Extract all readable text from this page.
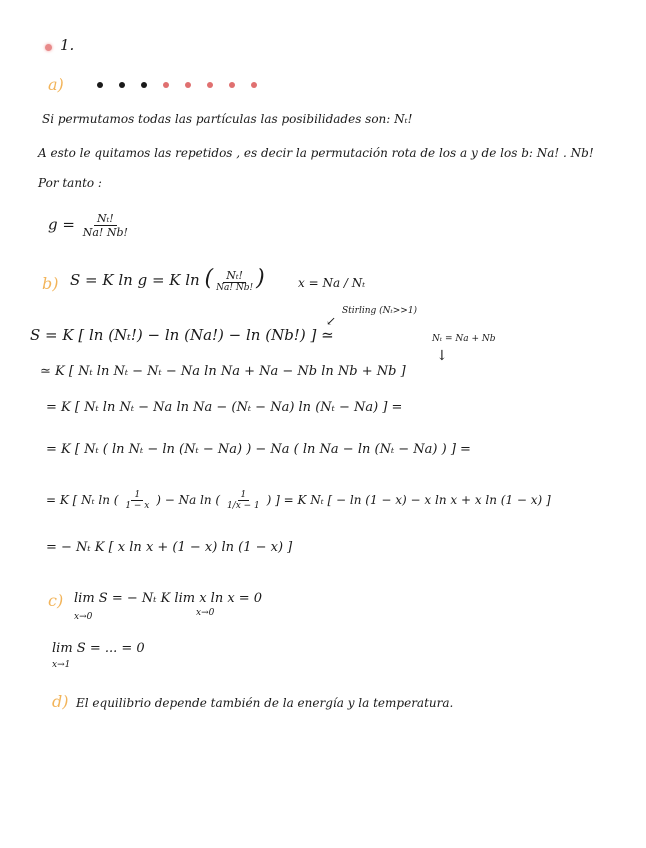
1.
a)
Si permutamos todas las partículas las posibilidades son: Nₜ!
A esto le quitamos las repetidos , es decir la permutación rota de los a y de los b: Na! . Nb!
Por tanto :
$g = \frac{\text{Nₜ!}}{Na! Nb!}$
b) S = K ln g = K ln ( $\frac{\text{Nₜ!}}{Na! Nb!}$ )	x = Na / Nₜ
Stirling (Nₜ>>1)
Nₜ = Na + Nb
↓
↙
S = K [ ln (Nₜ!) − ln (Na!) − ln (Nb!) ] ≃
≃ K [ Nₜ ln Nₜ − Nₜ − Na ln Na + Na − Nb ln Nb + Nb ]
= K [ Nₜ ln Nₜ − Na ln Na − (Nₜ − Na) ln (Nₜ − Na) ] =
= K [ Nₜ ( ln Nₜ − ln (Nₜ − Na) ) − Na ( ln Na − ln (Nₜ − Na) ) ] =
= K [ Nₜ ln ( $\frac{1}{1 - x}$ ) − Na ln ( $\frac{1}{1/x - 1}$ ) ] = K Nₜ [ − ln (1 − x) − x ln x + x ln (1 − x) ]
= − Nₜ K [ x ln x + (1 − x) ln (1 − x) ]
c) lim S = − Nₜ K lim x ln x = 0
x→0	x→0
lim S = ... = 0
x→1
d) El equilibrio depende también de la energía y la temperatura.
